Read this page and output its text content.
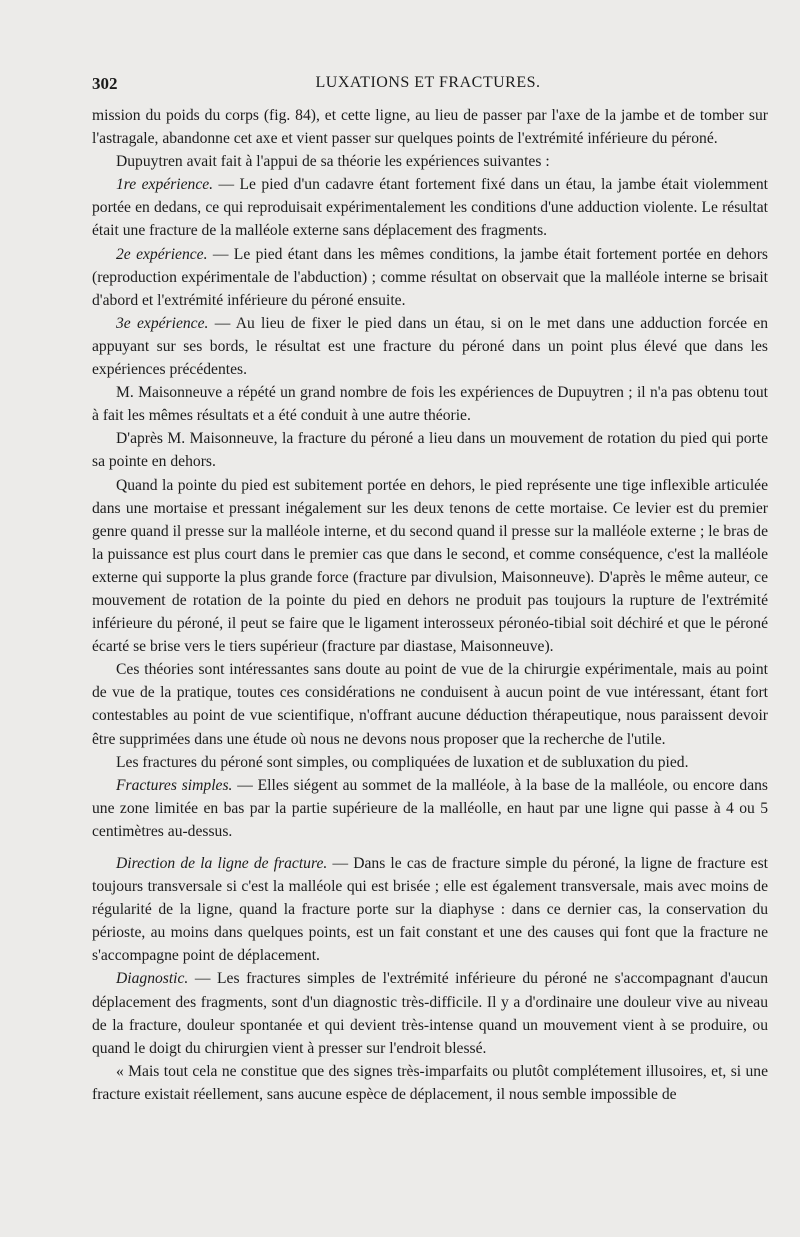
302	LUXATIONS ET FRACTURES.

mission du poids du corps (fig. 84), et cette ligne, au lieu de passer par l'axe de la jambe et de tomber sur l'astragale, abandonne cet axe et vient passer sur quelques points de l'extrémité inférieure du péroné.

Dupuytren avait fait à l'appui de sa théorie les expériences suivantes :

1re expérience. — Le pied d'un cadavre étant fortement fixé dans un étau, la jambe était violemment portée en dedans, ce qui reproduisait expérimentalement les conditions d'une adduction violente. Le résultat était une fracture de la malléole externe sans déplacement des fragments.

2e expérience. — Le pied étant dans les mêmes conditions, la jambe était fortement portée en dehors (reproduction expérimentale de l'abduction) ; comme résultat on observait que la malléole interne se brisait d'abord et l'extrémité inférieure du péroné ensuite.

3e expérience. — Au lieu de fixer le pied dans un étau, si on le met dans une adduction forcée en appuyant sur ses bords, le résultat est une fracture du péroné dans un point plus élevé que dans les expériences précédentes.

M. Maisonneuve a répété un grand nombre de fois les expériences de Dupuytren ; il n'a pas obtenu tout à fait les mêmes résultats et a été conduit à une autre théorie.

D'après M. Maisonneuve, la fracture du péroné a lieu dans un mouvement de rotation du pied qui porte sa pointe en dehors.

Quand la pointe du pied est subitement portée en dehors, le pied représente une tige inflexible articulée dans une mortaise et pressant inégalement sur les deux tenons de cette mortaise. Ce levier est du premier genre quand il presse sur la malléole interne, et du second quand il presse sur la malléole externe ; le bras de la puissance est plus court dans le premier cas que dans le second, et comme conséquence, c'est la malléole externe qui supporte la plus grande force (fracture par divulsion, Maisonneuve). D'après le même auteur, ce mouvement de rotation de la pointe du pied en dehors ne produit pas toujours la rupture de l'extrémité inférieure du péroné, il peut se faire que le ligament interosseux péronéo-tibial soit déchiré et que le péroné écarté se brise vers le tiers supérieur (fracture par diastase, Maisonneuve).

Ces théories sont intéressantes sans doute au point de vue de la chirurgie expérimentale, mais au point de vue de la pratique, toutes ces considérations ne conduisent à aucun point de vue intéressant, étant fort contestables au point de vue scientifique, n'offrant aucune déduction thérapeutique, nous paraissent devoir être supprimées dans une étude où nous ne devons nous proposer que la recherche de l'utile.

Les fractures du péroné sont simples, ou compliquées de luxation et de subluxation du pied.

Fractures simples. — Elles siégent au sommet de la malléole, à la base de la malléole, ou encore dans une zone limitée en bas par la partie supérieure de la malléolle, en haut par une ligne qui passe à 4 ou 5 centimètres au-dessus.

Direction de la ligne de fracture. — Dans le cas de fracture simple du péroné, la ligne de fracture est toujours transversale si c'est la malléole qui est brisée ; elle est également transversale, mais avec moins de régularité de la ligne, quand la fracture porte sur la diaphyse : dans ce dernier cas, la conservation du périoste, au moins dans quelques points, est un fait constant et une des causes qui font que la fracture ne s'accompagne point de déplacement.

Diagnostic. — Les fractures simples de l'extrémité inférieure du péroné ne s'accompagnant d'aucun déplacement des fragments, sont d'un diagnostic très-difficile. Il y a d'ordinaire une douleur vive au niveau de la fracture, douleur spontanée et qui devient très-intense quand un mouvement vient à se produire, ou quand le doigt du chirurgien vient à presser sur l'endroit blessé.

« Mais tout cela ne constitue que des signes très-imparfaits ou plutôt complétement illusoires, et, si une fracture existait réellement, sans aucune espèce de déplacement, il nous semble impossible de
